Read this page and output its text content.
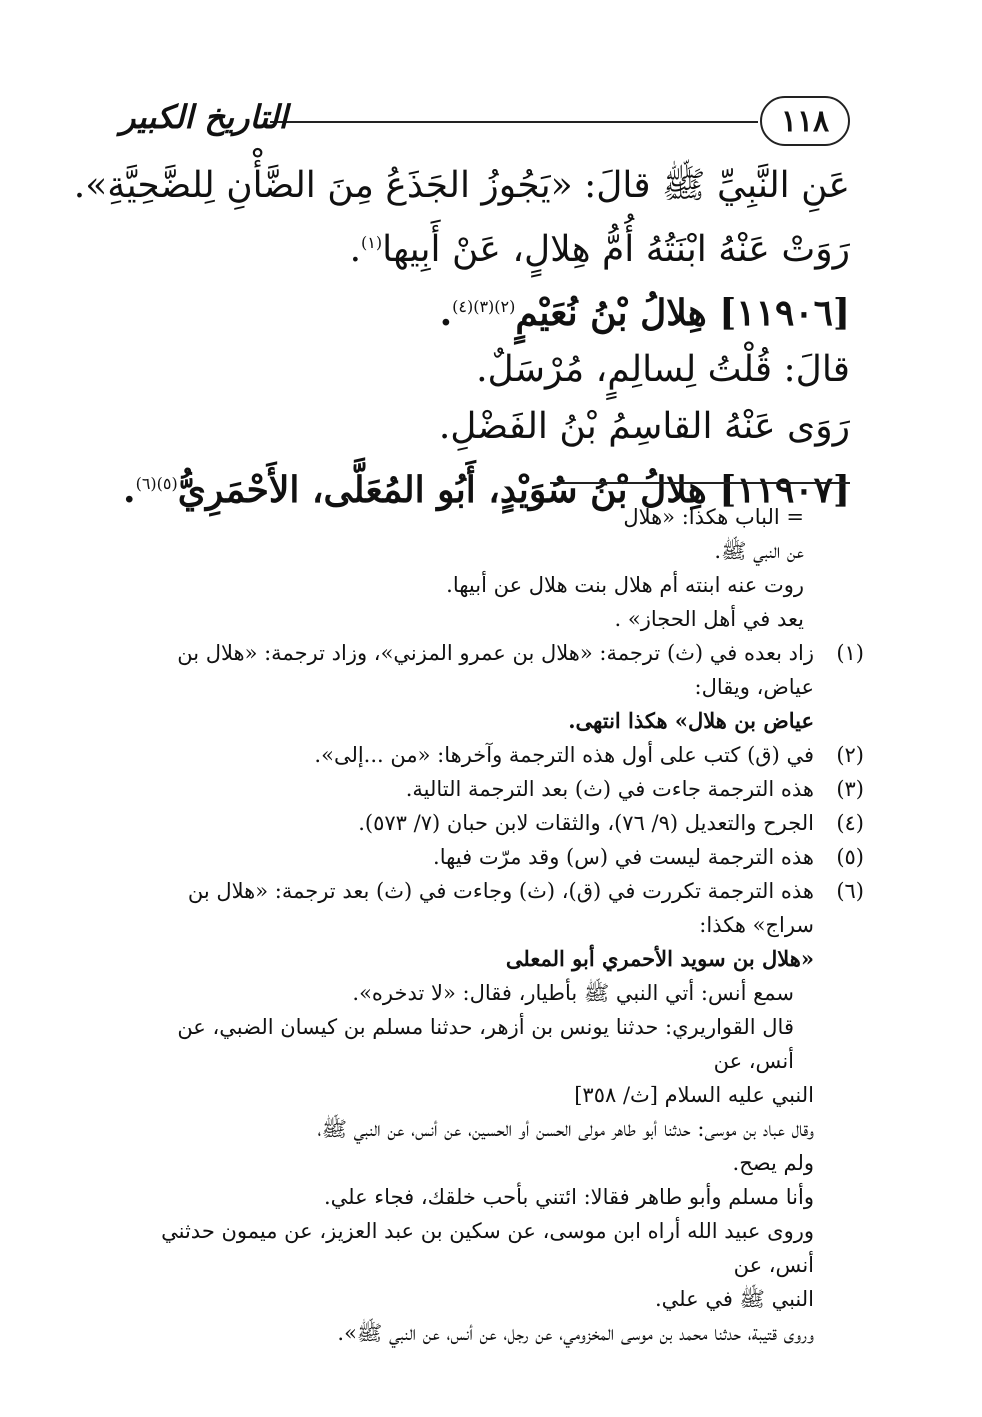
١١٨
التاريخ الكبير
عَنِ النَّبِيِّ ﷺ قالَ: «يَجُوزُ الجَذَعُ مِنَ الضَّأْنِ لِلضَّحِيَّةِ».
رَوَتْ عَنْهُ ابْنَتُهُ أُمُّ هِلالٍ، عَنْ أَبِيها$^{(١)}$.
[١١٩٠٦] هِلالُ بْنُ نُعَيْمٍ$^{(٢)(٣)(٤)}$.
قالَ: قُلْتُ لِسالِمٍ، مُرْسَلٌ.
رَوَى عَنْهُ القاسِمُ بْنُ الفَضْلِ.
[١١٩٠٧] هِلالُ بْنُ سُوَيْدٍ، أَبُو المُعَلَّى، الأَحْمَرِيُّ$^{(٥)(٦)}$.
= الباب هكذا: «هلال
عن النبي ﷺ.
روت عنه ابنته أم هلال بنت هلال عن أبيها.
يعد في أهل الحجاز» .
(١)
زاد بعده في (ث) ترجمة: «هلال بن عمرو المزني»، وزاد ترجمة: «هلال بن عياض، ويقال:
عياض بن هلال» هكذا انتهى.
(٢)
في (ق) كتب على أول هذه الترجمة وآخرها: «من ...إلى».
(٣)
هذه الترجمة جاءت في (ث) بعد الترجمة التالية.
(٤)
الجرح والتعديل (٩/ ٧٦)، والثقات لابن حبان (٧/ ٥٧٣).
(٥)
هذه الترجمة ليست في (س) وقد مرّت فيها.
(٦)
هذه الترجمة تكررت في (ق)، (ث) وجاءت في (ث) بعد ترجمة: «هلال بن سراج» هكذا:
«هلال بن سويد الأحمري أبو المعلى
سمع أنس: أتي النبي ﷺ بأطيار، فقال: «لا تدخره».
قال القواريري: حدثنا يونس بن أزهر، حدثنا مسلم بن كيسان الضبي، عن أنس، عن
النبي عليه السلام [ث/ ٣٥٨]
وقال عباد بن موسى: حدثنا أبو طاهر مولى الحسن أو الحسين، عن أنس، عن النبي ﷺ،
ولم يصح.
وأنا مسلم وأبو طاهر فقالا: ائتني بأحب خلقك، فجاء علي.
وروى عبيد الله أراه ابن موسى، عن سكين بن عبد العزيز، عن ميمون حدثني أنس، عن
النبي ﷺ في علي.
وروى قتيبة، حدثنا محمد بن موسى المخزومي، عن رجل، عن أنس، عن النبي ﷺ».
